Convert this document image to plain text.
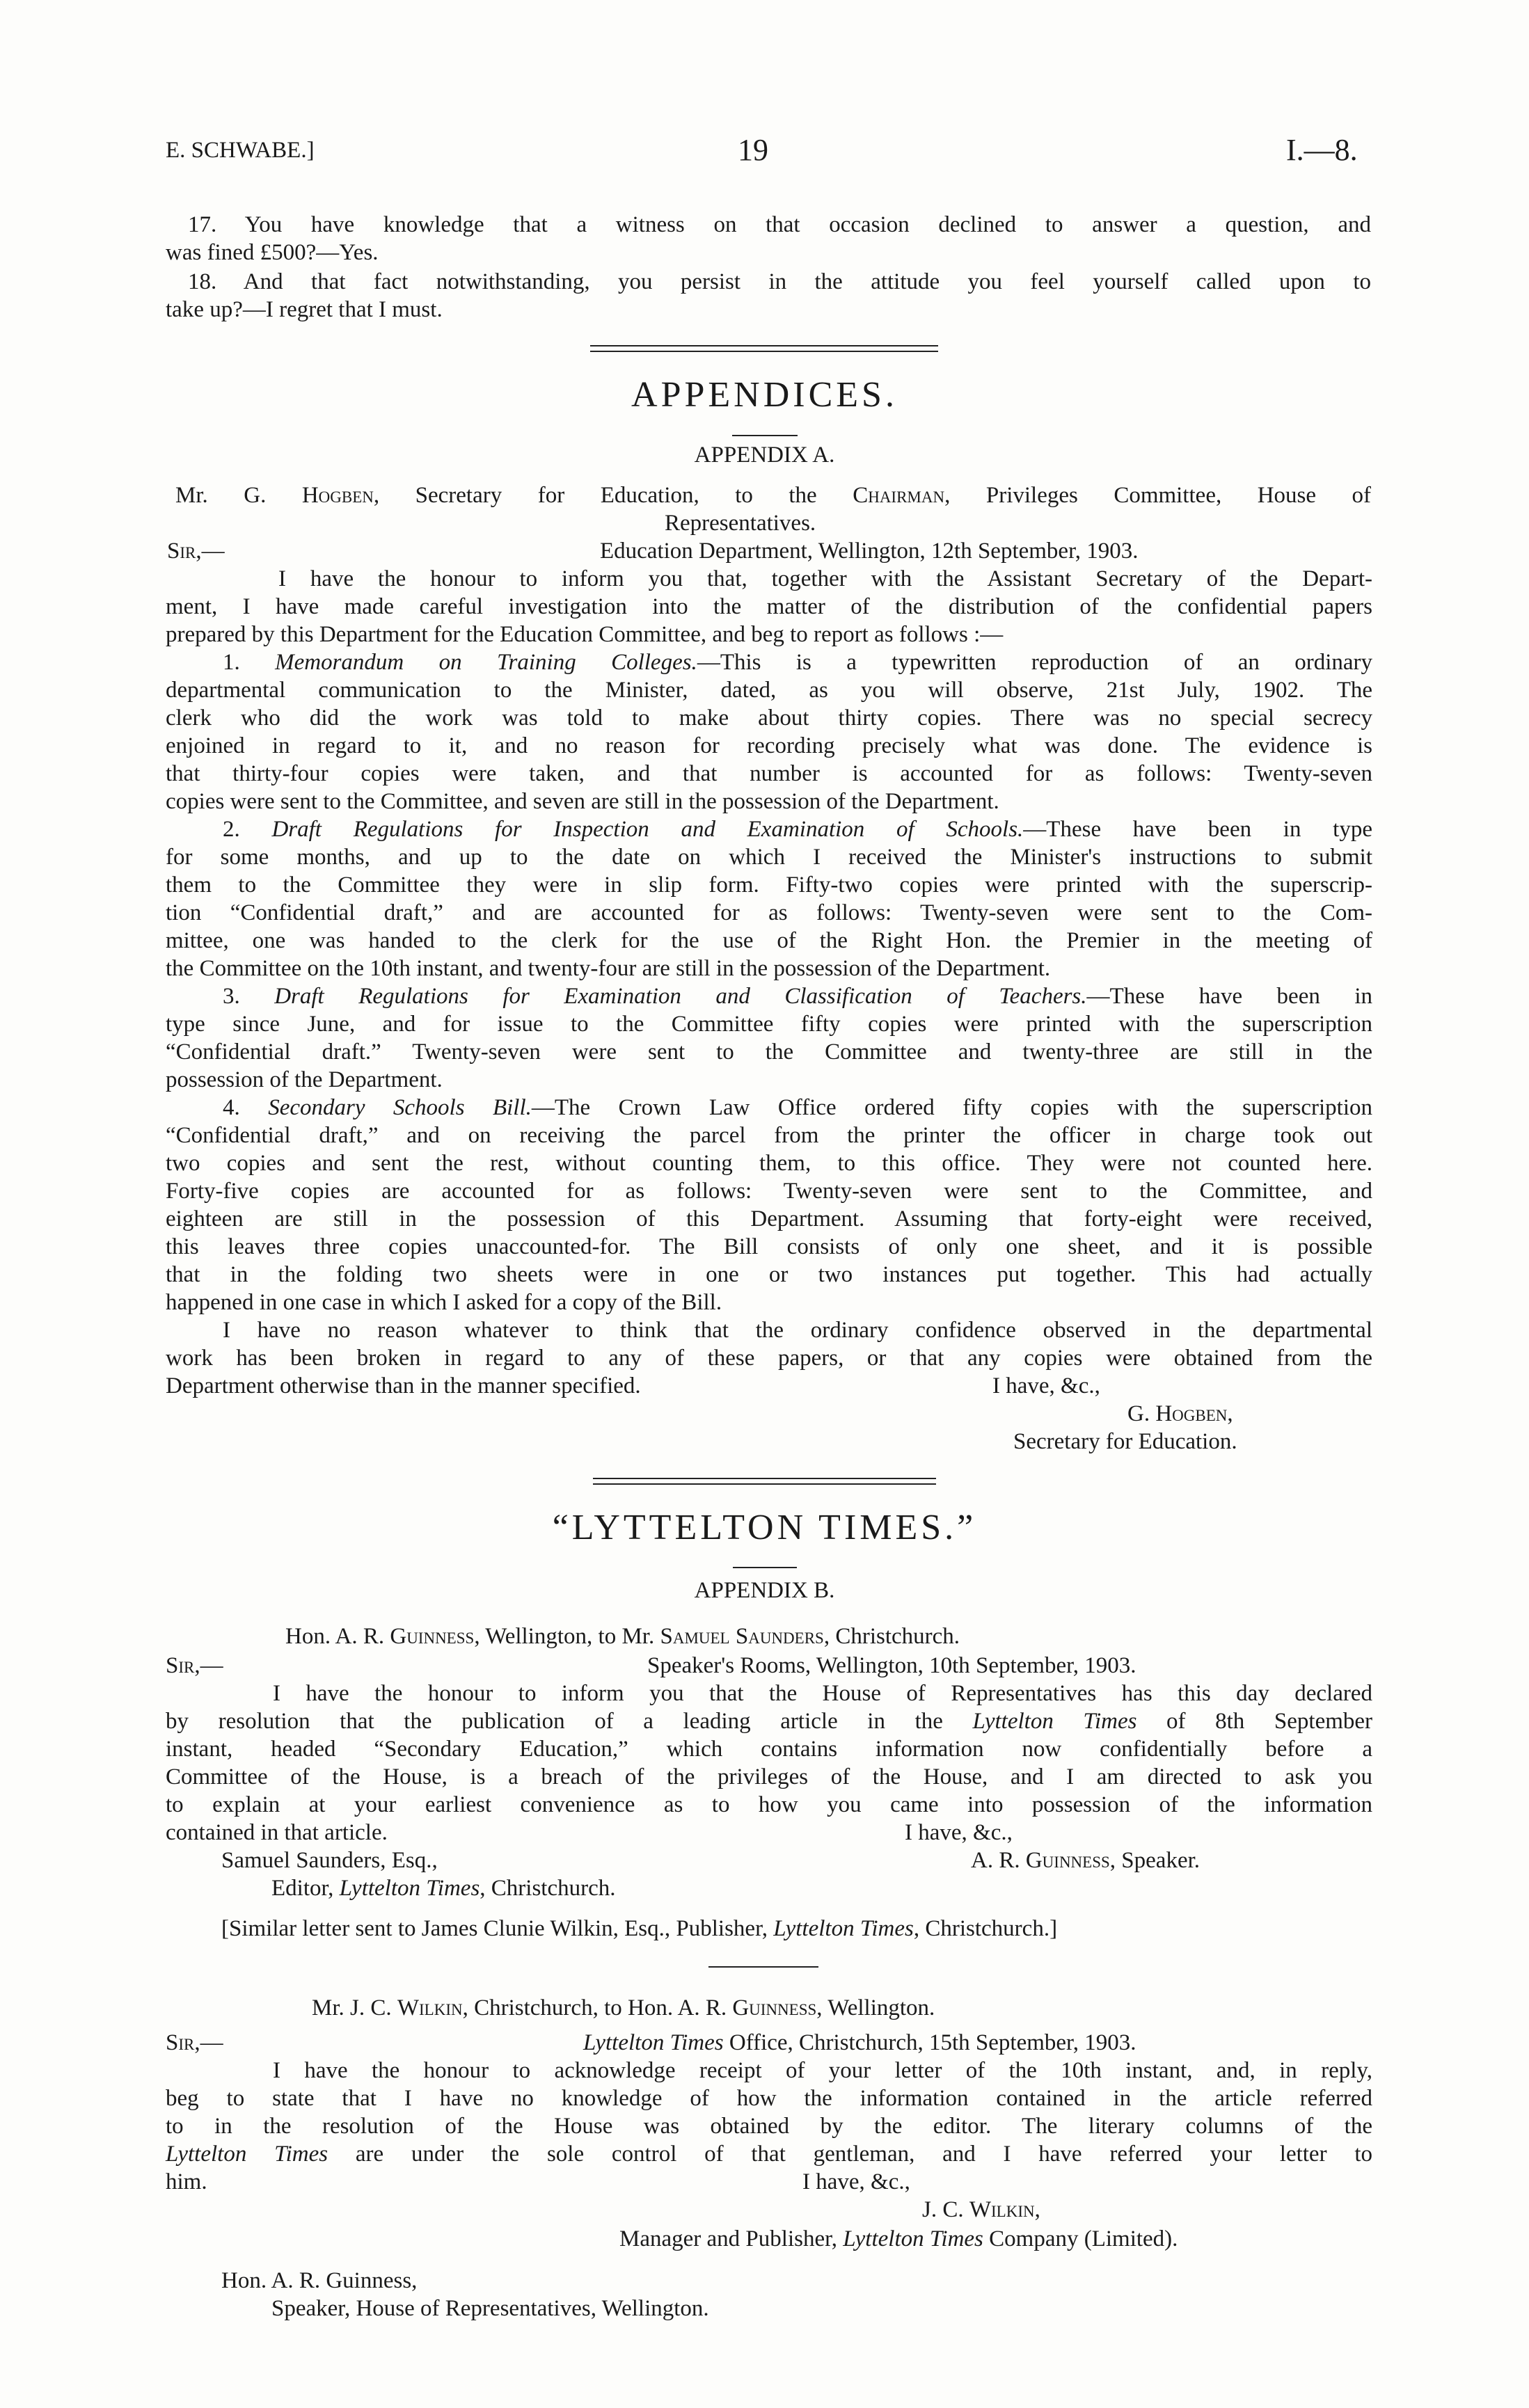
E. SCHWABE.]	19	I.—8.
17. You have knowledge that a witness on that occasion declined to answer a question, and
was fined £500?—Yes.
18. And that fact notwithstanding, you persist in the attitude you feel yourself called upon to
take up?—I regret that I must.
APPENDICES.
APPENDIX A.
Mr. G. Hogben, Secretary for Education, to the Chairman, Privileges Committee, House of
Representatives.
Sir,—	Education Department, Wellington, 12th September, 1903.
I have the honour to inform you that, together with the Assistant Secretary of the Depart-
ment, I have made careful investigation into the matter of the distribution of the confidential papers
prepared by this Department for the Education Committee, and beg to report as follows :—
1. Memorandum on Training Colleges.—This is a typewritten reproduction of an ordinary
departmental communication to the Minister, dated, as you will observe, 21st July, 1902. The
clerk who did the work was told to make about thirty copies. There was no special secrecy
enjoined in regard to it, and no reason for recording precisely what was done. The evidence is
that thirty-four copies were taken, and that number is accounted for as follows: Twenty-seven
copies were sent to the Committee, and seven are still in the possession of the Department.
2. Draft Regulations for Inspection and Examination of Schools.—These have been in type
for some months, and up to the date on which I received the Minister's instructions to submit
them to the Committee they were in slip form. Fifty-two copies were printed with the superscrip-
tion “Confidential draft,” and are accounted for as follows: Twenty-seven were sent to the Com-
mittee, one was handed to the clerk for the use of the Right Hon. the Premier in the meeting of
the Committee on the 10th instant, and twenty-four are still in the possession of the Department.
3. Draft Regulations for Examination and Classification of Teachers.—These have been in
type since June, and for issue to the Committee fifty copies were printed with the superscription
“Confidential draft.” Twenty-seven were sent to the Committee and twenty-three are still in the
possession of the Department.
4. Secondary Schools Bill.—The Crown Law Office ordered fifty copies with the superscription
“Confidential draft,” and on receiving the parcel from the printer the officer in charge took out
two copies and sent the rest, without counting them, to this office. They were not counted here.
Forty-five copies are accounted for as follows: Twenty-seven were sent to the Committee, and
eighteen are still in the possession of this Department. Assuming that forty-eight were received,
this leaves three copies unaccounted-for. The Bill consists of only one sheet, and it is possible
that in the folding two sheets were in one or two instances put together. This had actually
happened in one case in which I asked for a copy of the Bill.
I have no reason whatever to think that the ordinary confidence observed in the departmental
work has been broken in regard to any of these papers, or that any copies were obtained from the
Department otherwise than in the manner specified.	I have, &c.,
G. Hogben,
Secretary for Education.
“LYTTELTON TIMES.”
APPENDIX B.
Hon. A. R. Guinness, Wellington, to Mr. Samuel Saunders, Christchurch.
Sir,—	Speaker's Rooms, Wellington, 10th September, 1903.
I have the honour to inform you that the House of Representatives has this day declared
by resolution that the publication of a leading article in the Lyttelton Times of 8th September
instant, headed “Secondary Education,” which contains information now confidentially before a
Committee of the House, is a breach of the privileges of the House, and I am directed to ask you
to explain at your earliest convenience as to how you came into possession of the information
contained in that article.	I have, &c.,
Samuel Saunders, Esq.,	A. R. Guinness, Speaker.
Editor, Lyttelton Times, Christchurch.
[Similar letter sent to James Clunie Wilkin, Esq., Publisher, Lyttelton Times, Christchurch.]
Mr. J. C. Wilkin, Christchurch, to Hon. A. R. Guinness, Wellington.
Sir,—	Lyttelton Times Office, Christchurch, 15th September, 1903.
I have the honour to acknowledge receipt of your letter of the 10th instant, and, in reply,
beg to state that I have no knowledge of how the information contained in the article referred
to in the resolution of the House was obtained by the editor. The literary columns of the
Lyttelton Times are under the sole control of that gentleman, and I have referred your letter to
him.	I have, &c.,
J. C. Wilkin,
Manager and Publisher, Lyttelton Times Company (Limited).
Hon. A. R. Guinness,
Speaker, House of Representatives, Wellington.
